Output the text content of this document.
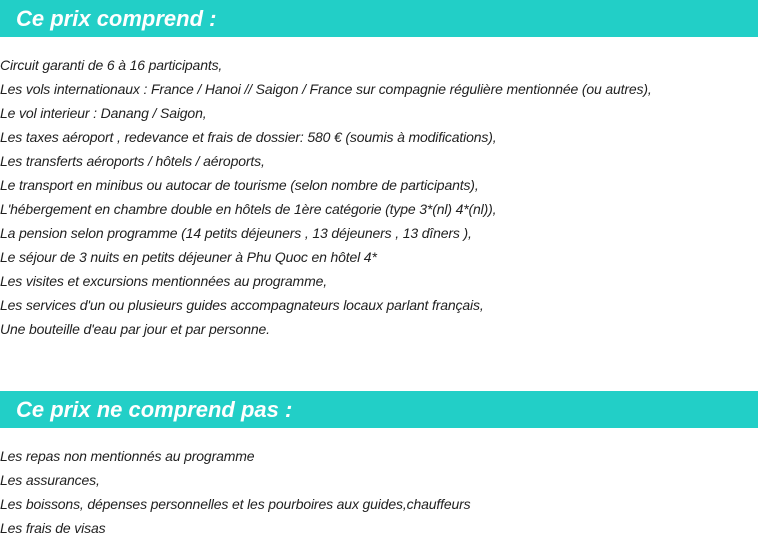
Ce prix comprend :
Circuit garanti de 6 à 16 participants,
Les vols internationaux : France / Hanoi // Saigon / France sur compagnie régulière mentionnée (ou autres),
Le vol interieur : Danang / Saigon,
Les taxes aéroport , redevance et frais de dossier: 580 € (soumis à modifications),
Les transferts aéroports / hôtels / aéroports,
Le transport en minibus ou autocar de tourisme (selon nombre de participants),
L'hébergement en chambre double en hôtels de 1ère catégorie (type 3*(nl) 4*(nl)),
La pension selon programme (14 petits déjeuners , 13 déjeuners , 13 dîners ),
Le séjour de 3 nuits en petits déjeuner à Phu Quoc en hôtel 4*
Les visites et excursions mentionnées au programme,
Les services d'un ou plusieurs guides accompagnateurs locaux parlant français,
Une bouteille d'eau par jour et par personne.
Ce prix ne comprend pas :
Les repas non mentionnés au programme
Les assurances,
Les boissons, dépenses personnelles et les pourboires aux guides,chauffeurs
Les frais de visas
